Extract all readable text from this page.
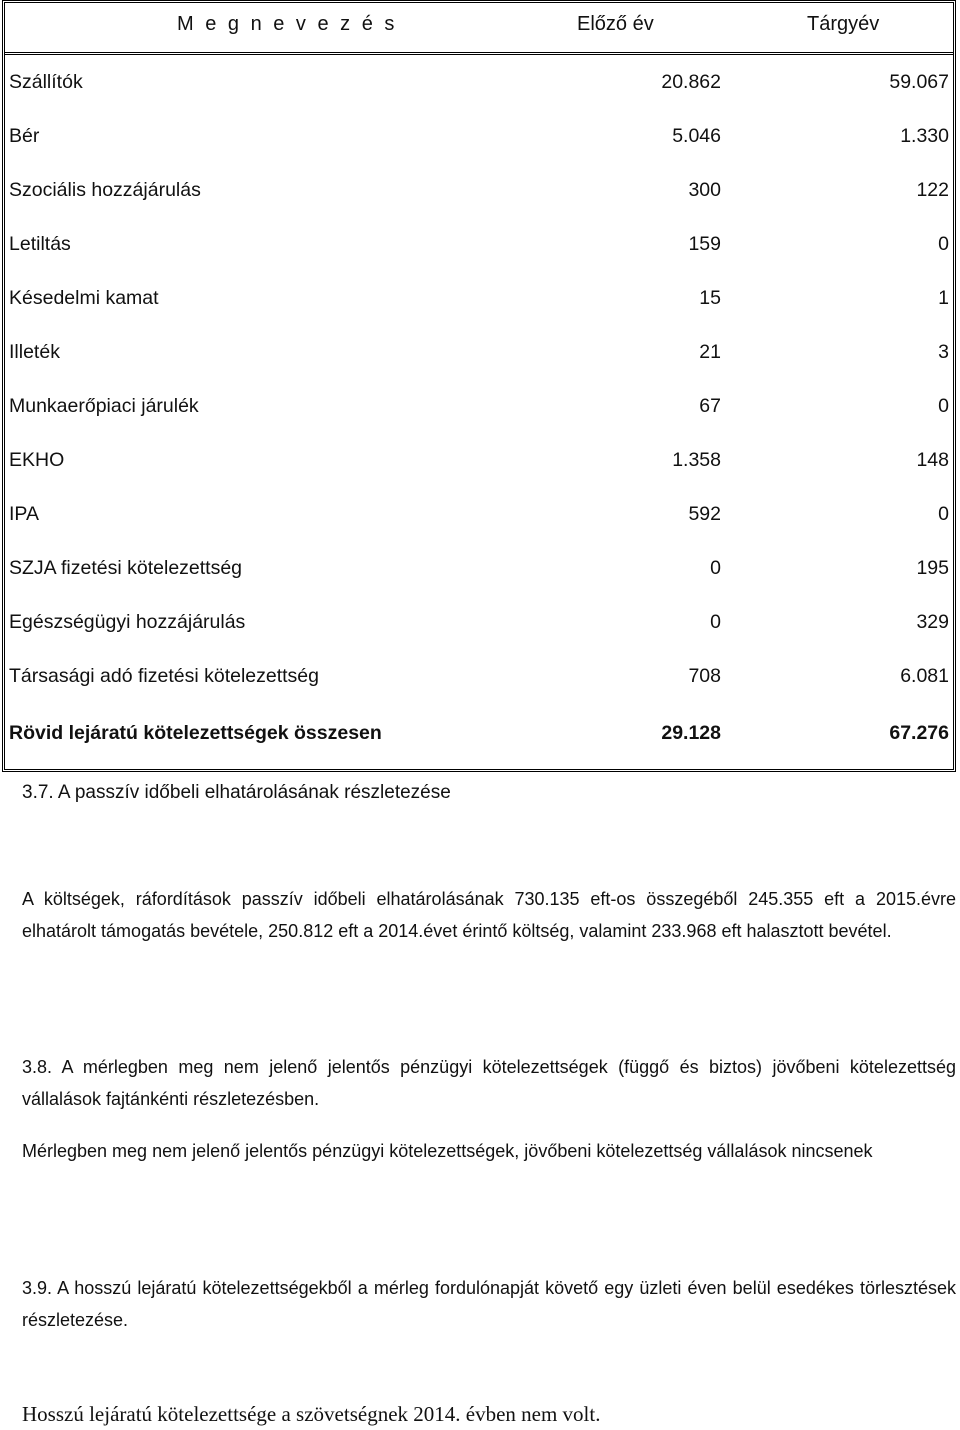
M e g n e v e z é s	Előző év	Tárgyév
Szállítók	20.862	59.067
Bér	5.046	1.330
Szociális hozzájárulás	300	122
Letiltás	159	0
Késedelmi kamat	15	1
Illeték	21	3
Munkaerőpiaci járulék	67	0
EKHO	1.358	148
IPA	592	0
SZJA fizetési kötelezettség	0	195
Egészségügyi hozzájárulás	0	329
Társasági adó fizetési kötelezettség	708	6.081
Rövid lejáratú kötelezettségek összesen	29.128	67.276
3.7. A passzív időbeli elhatárolásának részletezése
A költségek, ráfordítások passzív időbeli elhatárolásának 730.135 eft-os összegéből 245.355 eft a 2015.évre elhatárolt támogatás bevétele, 250.812 eft a 2014.évet érintő költség, valamint 233.968 eft halasztott bevétel.
3.8. A mérlegben meg nem jelenő jelentős pénzügyi kötelezettségek (függő és biztos) jövőbeni kötelezettség vállalások fajtánkénti részletezésben.
Mérlegben meg nem jelenő jelentős pénzügyi kötelezettségek, jövőbeni kötelezettség vállalások nincsenek
3.9. A hosszú lejáratú kötelezettségekből a mérleg fordulónapját követő egy üzleti éven belül esedékes törlesztések részletezése.
Hosszú lejáratú kötelezettsége a szövetségnek 2014. évben nem volt.
